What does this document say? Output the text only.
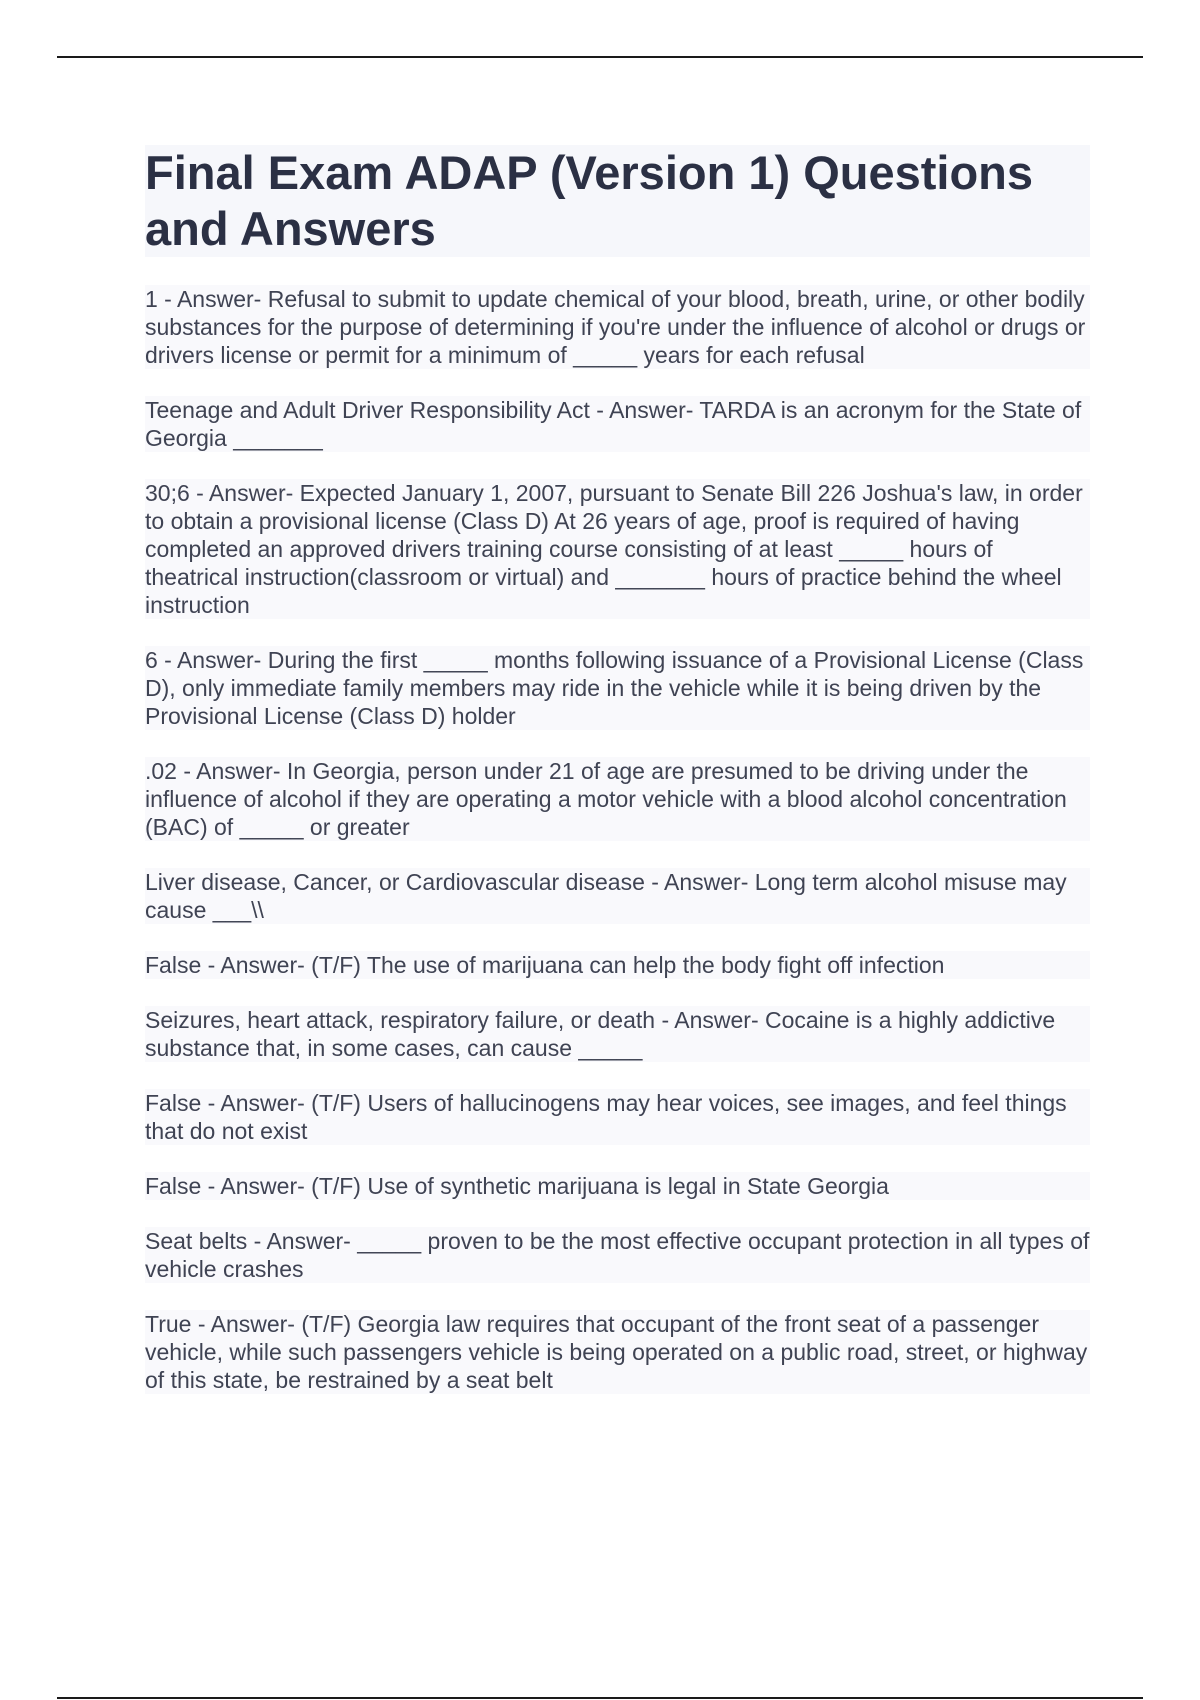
Final Exam ADAP (Version 1) Questions and Answers

1 - Answer- Refusal to submit to update chemical of your blood, breath, urine, or other bodily substances for the purpose of determining if you're under the influence of alcohol or drugs or drivers license or permit for a minimum of _____ years for each refusal

Teenage and Adult Driver Responsibility Act - Answer- TARDA is an acronym for the State of Georgia _______

30;6 - Answer- Expected January 1, 2007, pursuant to Senate Bill 226 Joshua's law, in order to obtain a provisional license (Class D) At 26 years of age, proof is required of having completed an approved drivers training course consisting of at least _____ hours of theatrical instruction(classroom or virtual) and _______ hours of practice behind the wheel instruction

6 - Answer- During the first _____ months following issuance of a Provisional License (Class D), only immediate family members may ride in the vehicle while it is being driven by the Provisional License (Class D) holder

.02 - Answer- In Georgia, person under 21 of age are presumed to be driving under the influence of alcohol if they are operating a motor vehicle with a blood alcohol concentration (BAC) of _____ or greater

Liver disease, Cancer, or Cardiovascular disease - Answer- Long term alcohol misuse may cause ___\\

False - Answer- (T/F) The use of marijuana can help the body fight off infection

Seizures, heart attack, respiratory failure, or death - Answer- Cocaine is a highly addictive substance that, in some cases, can cause _____

False - Answer- (T/F) Users of hallucinogens may hear voices, see images, and feel things that do not exist

False - Answer- (T/F) Use of synthetic marijuana is legal in State Georgia

Seat belts - Answer- _____ proven to be the most effective occupant protection in all types of vehicle crashes

True - Answer- (T/F) Georgia law requires that occupant of the front seat of a passenger vehicle, while such passengers vehicle is being operated on a public road, street, or highway of this state, be restrained by a seat belt
